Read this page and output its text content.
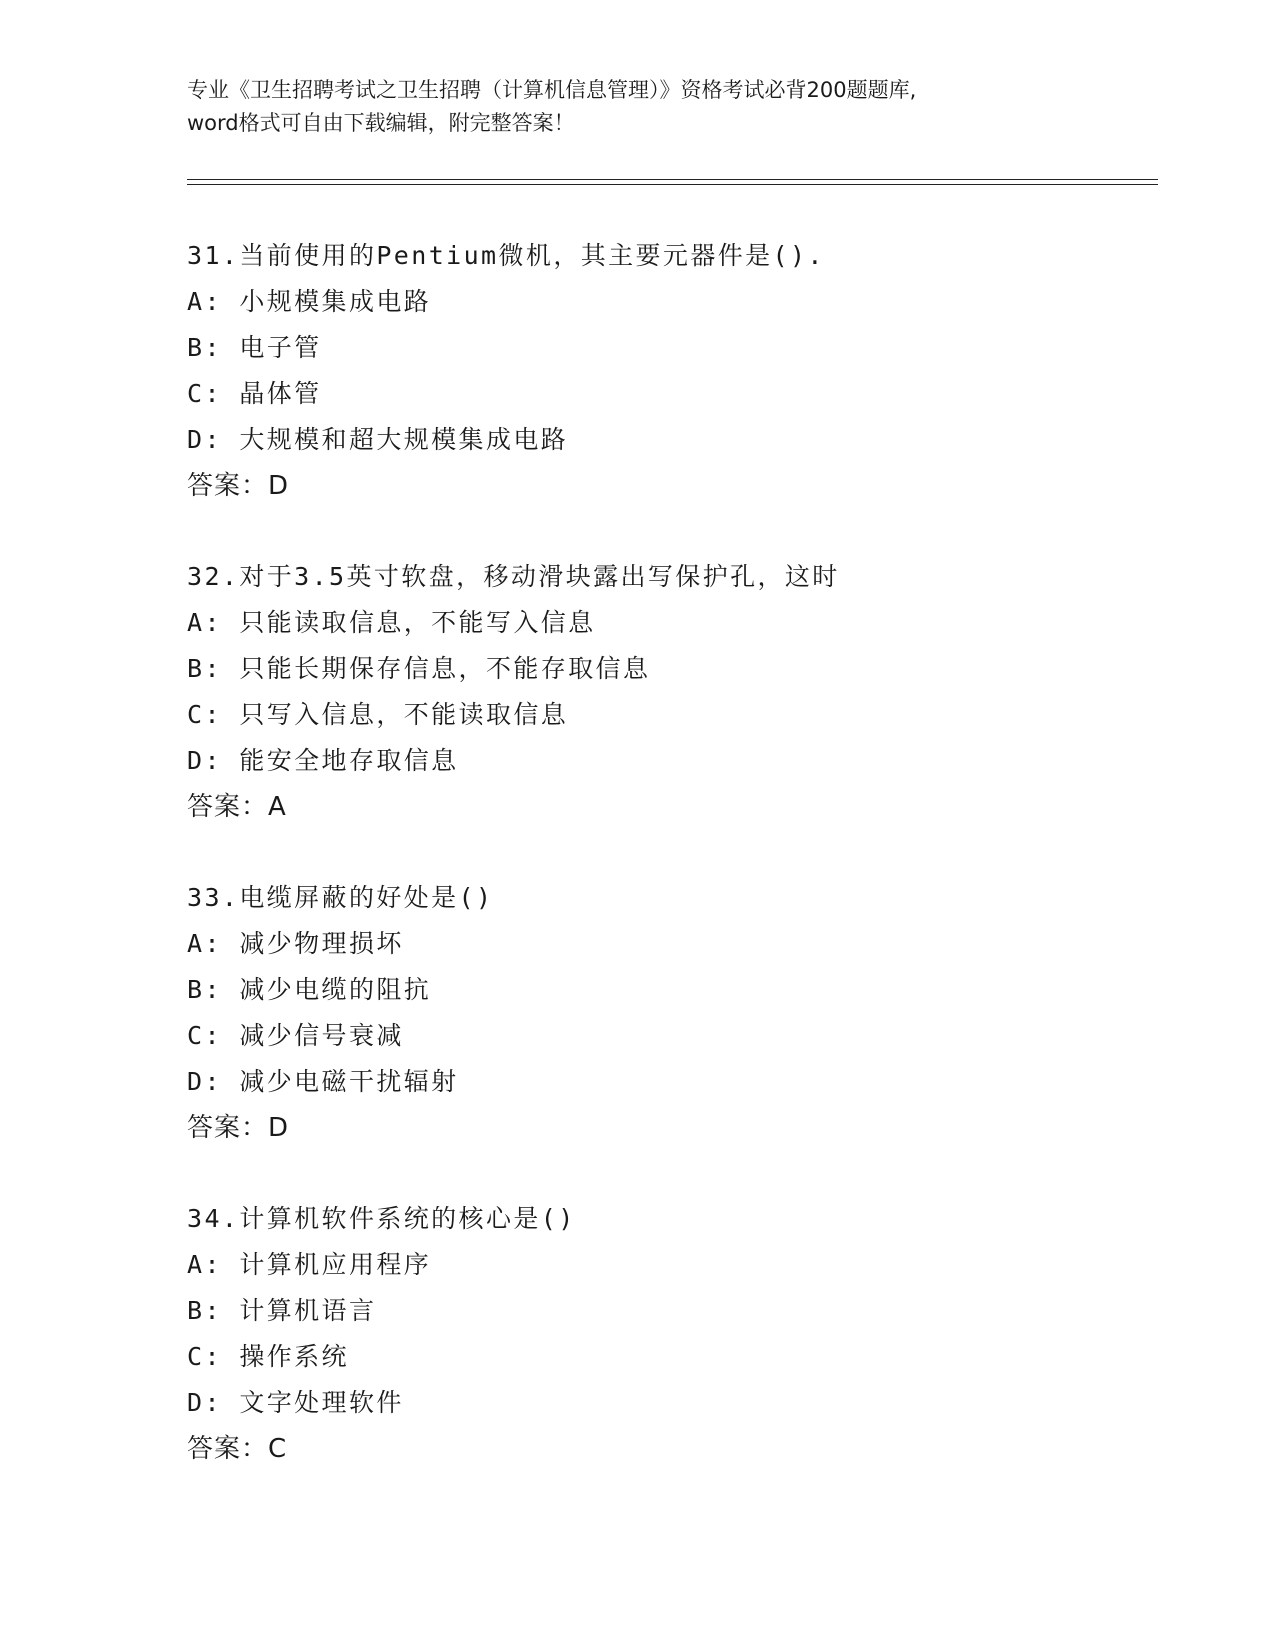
专业《卫生招聘考试之卫生招聘（计算机信息管理）》资格考试必背200题题库,
word格式可自由下载编辑，附完整答案！
31.当前使用的Pentium微机，其主要元器件是().
A: 小规模集成电路
B: 电子管
C: 晶体管
D: 大规模和超大规模集成电路
答案：D
32.对于3.5英寸软盘，移动滑块露出写保护孔，这时
A: 只能读取信息，不能写入信息
B: 只能长期保存信息，不能存取信息
C: 只写入信息，不能读取信息
D: 能安全地存取信息
答案：A
33.电缆屏蔽的好处是()
A: 减少物理损坏
B: 减少电缆的阻抗
C: 减少信号衰减
D: 减少电磁干扰辐射
答案：D
34.计算机软件系统的核心是()
A: 计算机应用程序
B: 计算机语言
C: 操作系统
D: 文字处理软件
答案：C
